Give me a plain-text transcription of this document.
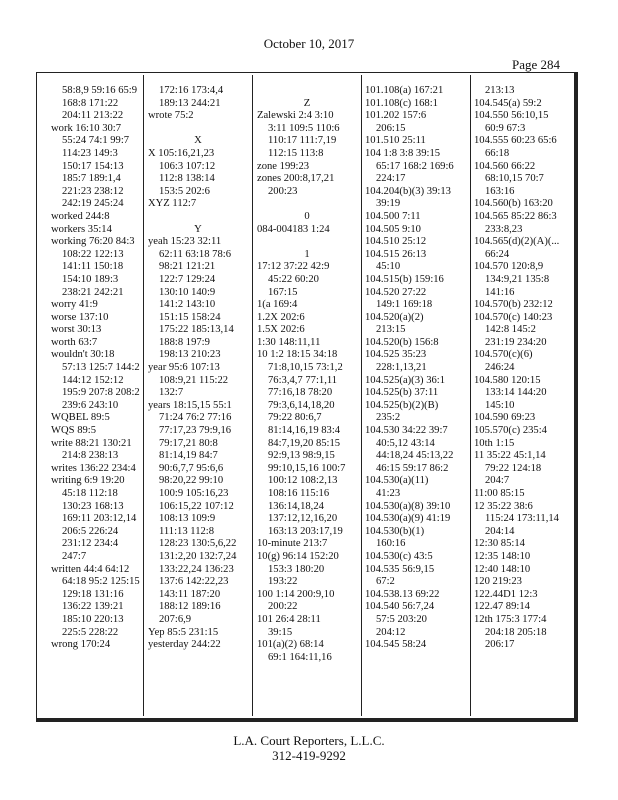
October 10, 2017
Page 284
58:8,9 59:16 65:9
168:8 171:22
204:11 213:22
work 16:10 30:7
55:24 74:1 99:7
114:23 149:3
150:17 154:13
185:7 189:1,4
221:23 238:12
242:19 245:24
worked 244:8
workers 35:14
working 76:20 84:3
108:22 122:13
141:11 150:18
154:10 189:3
238:21 242:21
worry 41:9
worse 137:10
worst 30:13
worth 63:7
wouldn't 30:18
57:13 125:7 144:2
144:12 152:12
195:9 207:8 208:2
239:6 243:10
WQBEL 89:5
WQS 89:5
write 88:21 130:21
214:8 238:13
writes 136:22 234:4
writing 6:9 19:20
45:18 112:18
130:23 168:13
169:11 203:12,14
206:5 226:24
231:12 234:4
247:7
written 44:4 64:12
64:18 95:2 125:15
129:18 131:16
136:22 139:21
185:10 220:13
225:5 228:22
wrong 170:24
172:16 173:4,4
189:13 244:21
wrote 75:2

X
X 105:16,21,23
106:3 107:12
112:8 138:14
153:5 202:6
XYZ 112:7

Y
yeah 15:23 32:11
62:11 63:18 78:6
98:21 121:21
122:7 129:24
130:10 140:9
141:2 143:10
151:15 158:24
175:22 185:13,14
188:8 197:9
198:13 210:23
year 95:6 107:13
108:9,21 115:22
132:7
years 18:15,15 55:1
71:24 76:2 77:16
77:17,23 79:9,16
79:17,21 80:8
81:14,19 84:7
90:6,7,7 95:6,6
98:20,22 99:10
100:9 105:16,23
106:15,22 107:12
108:13 109:9
111:13 112:8
128:23 130:5,6,22
131:2,20 132:7,24
133:22,24 136:23
137:6 142:22,23
143:11 187:20
188:12 189:16
207:6,9
Yep 85:5 231:15
yesterday 244:22

Z
Zalewski 2:4 3:10
3:11 109:5 110:6
110:17 111:7,19
112:15 113:8
zone 199:23
zones 200:8,17,21
200:23

0
084-004183 1:24

1
17:12 37:22 42:9
45:22 60:20
167:15
1(a 169:4
1.2X 202:6
1.5X 202:6
1:30 148:11,11
10 1:2 18:15 34:18
71:8,10,15 73:1,2
76:3,4,7 77:1,11
77:16,18 78:20
79:3,6,14,18,20
79:22 80:6,7
81:14,16,19 83:4
84:7,19,20 85:15
92:9,13 98:9,15
99:10,15,16 100:7
100:12 108:2,13
108:16 115:16
136:14,18,24
137:12,12,16,20
163:13 203:17,19
10-minute 213:7
10(g) 96:14 152:20
153:3 180:20
193:22
100 1:14 200:9,10
200:22
101 26:4 28:11
39:15
101(a)(2) 68:14
69:1 164:11,16
101.108(a) 167:21
101.108(c) 168:1
101.202 157:6
206:15
101.510 25:11
104 1:8 3:8 39:15
65:17 168:2 169:6
224:17
104.204(b)(3) 39:13
39:19
104.500 7:11
104.505 9:10
104.510 25:12
104.515 26:13
45:10
104.515(b) 159:16
104.520 27:22
149:1 169:18
104.520(a)(2)
213:15
104.520(b) 156:8
104.525 35:23
228:1,13,21
104.525(a)(3) 36:1
104.525(b) 37:11
104.525(b)(2)(B)
235:2
104.530 34:22 39:7
40:5,12 43:14
44:18,24 45:13,22
46:15 59:17 86:2
104.530(a)(11)
41:23
104.530(a)(8) 39:10
104.530(a)(9) 41:19
104.530(b)(1)
160:16
104.530(c) 43:5
104.535 56:9,15
67:2
104.538.13 69:22
104.540 56:7,24
57:5 203:20
204:12
104.545 58:24
213:13
104.545(a) 59:2
104.550 56:10,15
60:9 67:3
104.555 60:23 65:6
66:18
104.560 66:22
68:10,15 70:7
163:16
104.560(b) 163:20
104.565 85:22 86:3
233:8,23
104.565(d)(2)(A)(...
66:24
104.570 120:8,9
134:9,21 135:8
141:16
104.570(b) 232:12
104.570(c) 140:23
142:8 145:2
231:19 234:20
104.570(c)(6)
246:24
104.580 120:15
133:14 144:20
145:10
104.590 69:23
105.570(c) 235:4
10th 1:15
11 35:22 45:1,14
79:22 124:18
204:7
11:00 85:15
12 35:22 38:6
115:24 173:11,14
204:14
12:30 85:14
12:35 148:10
12:40 148:10
120 219:23
122.44D1 12:3
122.47 89:14
12th 175:3 177:4
204:18 205:18
206:17
L.A. Court Reporters, L.L.C.
312-419-9292
